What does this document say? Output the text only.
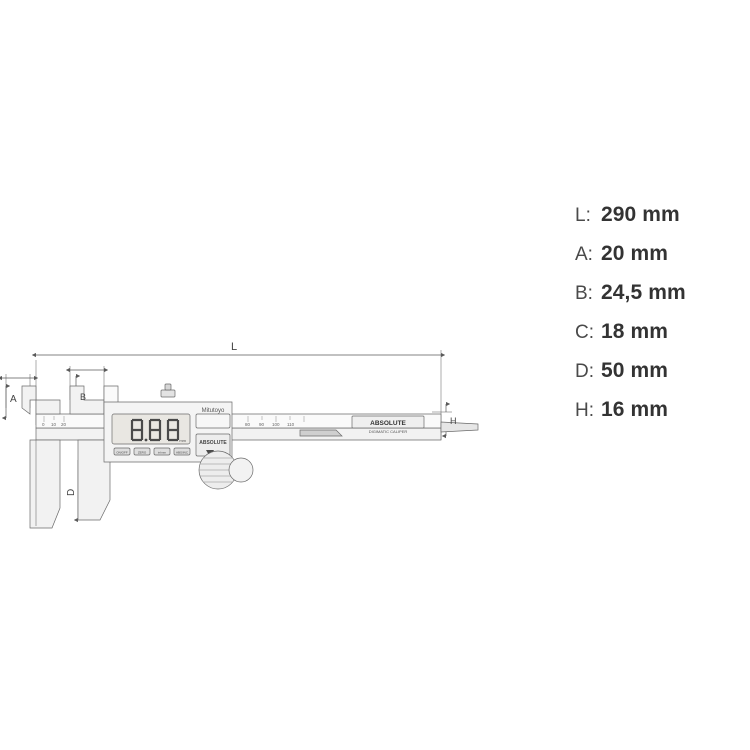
L
A	B
H
D
Mitutoyo
ABSOLUTE
DIGIMATIC CALIPER
0 10 20	80 90 100 110
ON/OFF	ZERO	in/mm	ABS/INC
ABSOLUTE
mm
L: 290 mm
A: 20 mm
B: 24,5 mm
C: 18 mm
D: 50 mm
H: 16 mm
